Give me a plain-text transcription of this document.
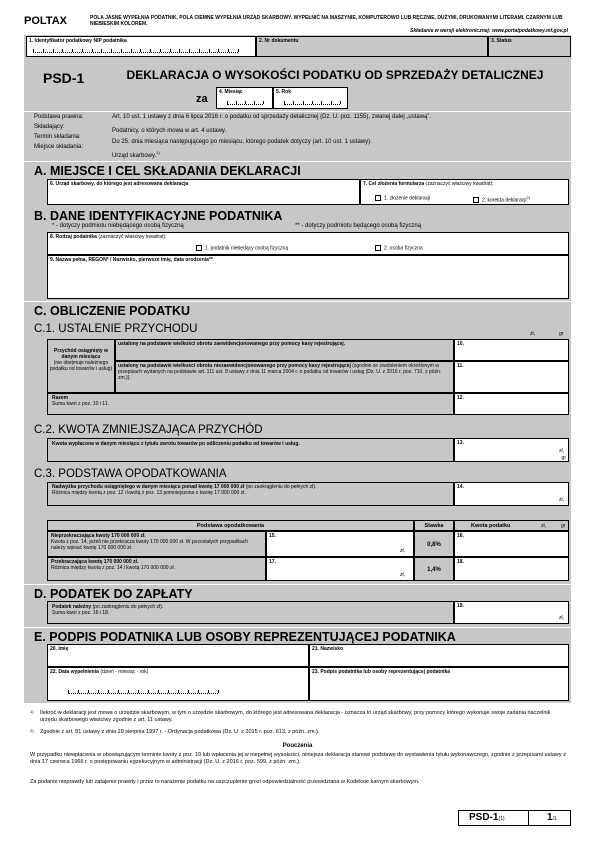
POLTAX	POLA JASNE WYPEŁNIA PODATNIK, POLA CIEMNE WYPEŁNIA URZĄD SKARBOWY. WYPEŁNIĆ NA MASZYNIE, KOMPUTEROWO LUB RĘCZNIE, DUŻYMI, DRUKOWANYMI LITERAMI, CZARNYM LUB NIEBIESKIM KOLOREM.
Składanie w wersji elektronicznej: www.portalpodatkowy.mf.gov.pl
1. Identyfikator podatkowy NIP podatnika	2. Nr dokumentu	3. Status
PSD-1	DEKLARACJA O WYSOKOŚCI PODATKU OD SPRZEDAŻY DETALICZNEJ
za
4. Miesiąc	5. Rok
Podstawa prawna:	Art. 10 ust. 1 ustawy z dnia 6 lipca 2016 r. o podatku od sprzedaży detalicznej (Dz. U. poz. 1155), zwanej dalej „ustawą”.
Składający:
Podatnicy, o których mowa w art. 4 ustawy.
Termin składania:
Do 25. dnia miesiąca następującego po miesiącu, którego podatek dotyczy (art. 10 ust. 1 ustawy).
Miejsce składania:
Urząd skarbowy.$^{1)}$
A. MIEJSCE I CEL SKŁADANIA DEKLARACJI
6. Urząd skarbowy, do którego jest adresowana deklaracja	7. Cel złożenia formularza (zaznaczyć właściwy kwadrat):
1. złożenie deklaracji	2. korekta deklaracji$^{2)}$
B. DANE IDENTYFIKACYJNE PODATNIKA
* - dotyczy podmiotu niebędącego osobą fizyczną	** - dotyczy podmiotu będącego osobą fizyczną
8. Rodzaj podatnika (zaznaczyć właściwy kwadrat):
1. podatnik niebędący osobą fizyczną	2. osoba fizyczna
9. Nazwa pełna, REGON* / Nazwisko, pierwsze imię, data urodzenia**
C. OBLICZENIE PODATKU
C.1. USTALENIE PRZYCHODU	zł,	gr
Przychód osiągnięty w danym miesiącu
(nie obejmuje należnego podatku od towarów i usług)
ustalony na podstawie wielkości obrotu zaewidencjonowanego przy pomocy kasy rejestrującej.	10.
ustalony na podstawie wielkości obrotu niezaewidencjonowanego przy pomocy kasy rejestrującej (zgodnie ze zwolnieniem określonym w przepisach wydanych na podstawie art. 111 ust. 8 ustawy z dnia 11 marca 2004 r. o podatku od towarów i usług (Dz. U. z 2016 r. poz. 710, z późn. zm.)).
11.
Razem
Suma kwot z poz. 10 i 11.
12.
C.2. KWOTA ZMNIEJSZAJĄCA PRZYCHÓD
Kwota wypłacona w danym miesiącu z tytułu zwrotu towarów po odliczeniu podatku od towarów i usług.	13.
zł,
gr
C.3. PODSTAWA OPODATKOWANIA
Nadwyżka przychodu osiągniętego w danym miesiącu ponad kwotę 17 000 000 zł (po zaokrągleniu do pełnych zł).
Różnica między kwotą z poz. 12 i kwotą z poz. 13 pomniejszona o kwotę 17 000 000 zł.
14.
zł,
Podstawa opodatkowania	Stawka	Kwota podatku	zł,	gr
Nieprzekraczająca kwoty 170 000 000 zł.
Kwota z poz. 14, jeżeli nie przekracza kwoty 170 000 000 zł. W pozostałych przypadkach należy wpisać kwotę 170 000 000 zł.
15.
zł,
0,8%
16.
Przekraczająca kwotę 170 000 000 zł.
Różnica między kwotą z poz. 14 i kwotą 170 000 000 zł.
17.
zł,
1,4%
18.
D. PODATEK DO ZAPŁATY
Podatek należny (po zaokrągleniu do pełnych zł).
Suma kwot z poz. 16 i 18.
19.
zł,
E. PODPIS PODATNIKA LUB OSOBY REPREZENTUJĄCEJ PODATNIKA
20. Imię	21. Nazwisko
22. Data wypełnienia (dzień - miesiąc - rok)	23. Podpis podatnika lub osoby reprezentującej podatnika
1)	Ilekroć w deklaracji jest mowa o urzędzie skarbowym, w tym o urzędzie skarbowym, do którego jest adresowana deklaracja - oznacza to urząd skarbowy, przy pomocy którego wykonuje swoje zadania naczelnik urzędu skarbowego właściwy zgodnie z art. 11 ustawy.
2)	Zgodnie z art. 81 ustawy z dnia 29 sierpnia 1997 r. - Ordynacja podatkowa (Dz. U. z 2015 r. poz. 613, z późn. zm.).
Pouczenia
W przypadku niewpłacenia w obowiązującym terminie kwoty z poz. 19 lub wpłacenia jej w niepełnej wysokości, niniejsza deklaracja stanowi podstawę do wystawienia tytułu wykonawczego, zgodnie z przepisami ustawy z dnia 17 czerwca 1966 r. o postępowaniu egzekucyjnym w administracji (Dz. U. z 2016 r. poz. 599, z późn. zm.).
Za podanie nieprawdy lub zatajenie prawdy i przez to narażenie podatku na uszczuplenie grozi odpowiedzialność przewidziana w Kodeksie karnym skarbowym.
PSD-1(1)	1/1
